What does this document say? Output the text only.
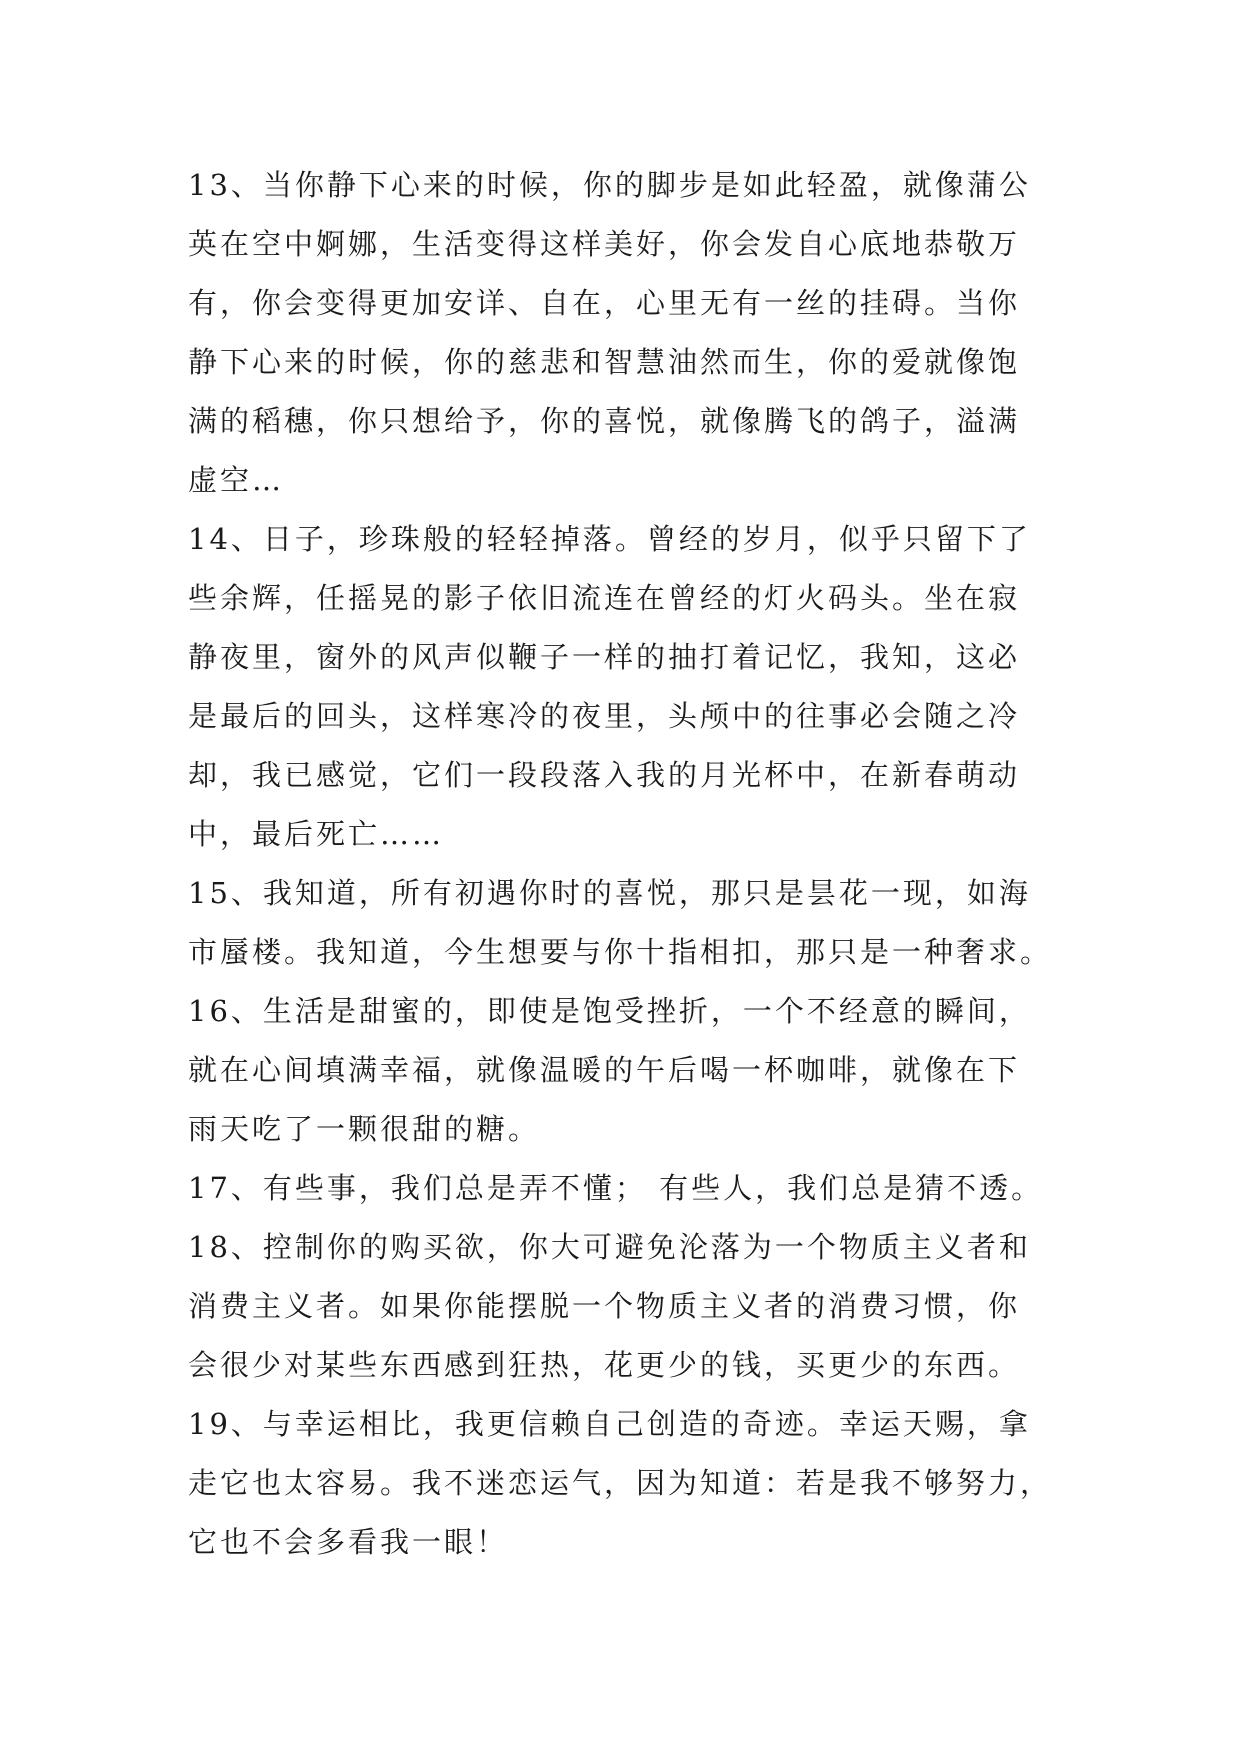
13、当你静下心来的时候，你的脚步是如此轻盈，就像蒲公
英在空中婀娜，生活变得这样美好，你会发自心底地恭敬万
有，你会变得更加安详、自在，心里无有一丝的挂碍。当你
静下心来的时候，你的慈悲和智慧油然而生，你的爱就像饱
满的稻穗，你只想给予，你的喜悦，就像腾飞的鸽子，溢满
虚空…
14、日子，珍珠般的轻轻掉落。曾经的岁月，似乎只留下了
些余辉，任摇晃的影子依旧流连在曾经的灯火码头。坐在寂
静夜里，窗外的风声似鞭子一样的抽打着记忆，我知，这必
是最后的回头，这样寒冷的夜里，头颅中的往事必会随之冷
却，我已感觉，它们一段段落入我的月光杯中，在新春萌动
中，最后死亡……
15、我知道，所有初遇你时的喜悦，那只是昙花一现，如海
市蜃楼。我知道，今生想要与你十指相扣，那只是一种奢求。
16、生活是甜蜜的，即使是饱受挫折，一个不经意的瞬间，
就在心间填满幸福，就像温暖的午后喝一杯咖啡，就像在下
雨天吃了一颗很甜的糖。
17、有些事，我们总是弄不懂； 有些人，我们总是猜不透。
18、控制你的购买欲，你大可避免沦落为一个物质主义者和
消费主义者。如果你能摆脱一个物质主义者的消费习惯，你
会很少对某些东西感到狂热，花更少的钱，买更少的东西。
19、与幸运相比，我更信赖自己创造的奇迹。幸运天赐，拿
走它也太容易。我不迷恋运气，因为知道：若是我不够努力，
它也不会多看我一眼！
